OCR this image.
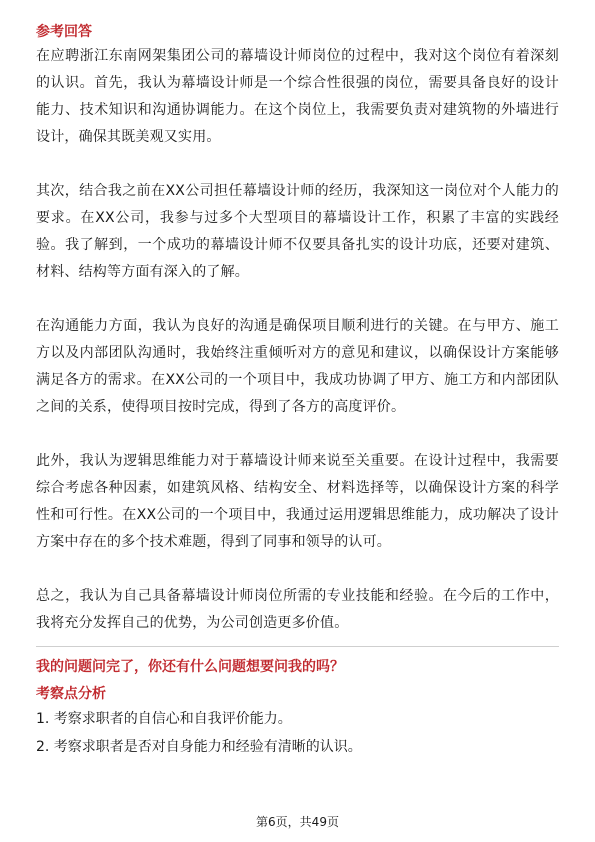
参考回答

在应聘浙江东南网架集团公司的幕墙设计师岗位的过程中，我对这个岗位有着深刻的认识。首先，我认为幕墙设计师是一个综合性很强的岗位，需要具备良好的设计能力、技术知识和沟通协调能力。在这个岗位上，我需要负责对建筑物的外墙进行设计，确保其既美观又实用。

其次，结合我之前在XX公司担任幕墙设计师的经历，我深知这一岗位对个人能力的要求。在XX公司，我参与过多个大型项目的幕墙设计工作，积累了丰富的实践经验。我了解到，一个成功的幕墙设计师不仅要具备扎实的设计功底，还要对建筑、材料、结构等方面有深入的了解。

在沟通能力方面，我认为良好的沟通是确保项目顺利进行的关键。在与甲方、施工方以及内部团队沟通时，我始终注重倾听对方的意见和建议，以确保设计方案能够满足各方的需求。在XX公司的一个项目中，我成功协调了甲方、施工方和内部团队之间的关系，使得项目按时完成，得到了各方的高度评价。

此外，我认为逻辑思维能力对于幕墙设计师来说至关重要。在设计过程中，我需要综合考虑各种因素，如建筑风格、结构安全、材料选择等，以确保设计方案的科学性和可行性。在XX公司的一个项目中，我通过运用逻辑思维能力，成功解决了设计方案中存在的多个技术难题，得到了同事和领导的认可。

总之，我认为自己具备幕墙设计师岗位所需的专业技能和经验。在今后的工作中，我将充分发挥自己的优势，为公司创造更多价值。

我的问题问完了，你还有什么问题想要问我的吗？

考察点分析

1. 考察求职者的自信心和自我评价能力。

2. 考察求职者是否对自身能力和经验有清晰的认识。

第6页，共49页
